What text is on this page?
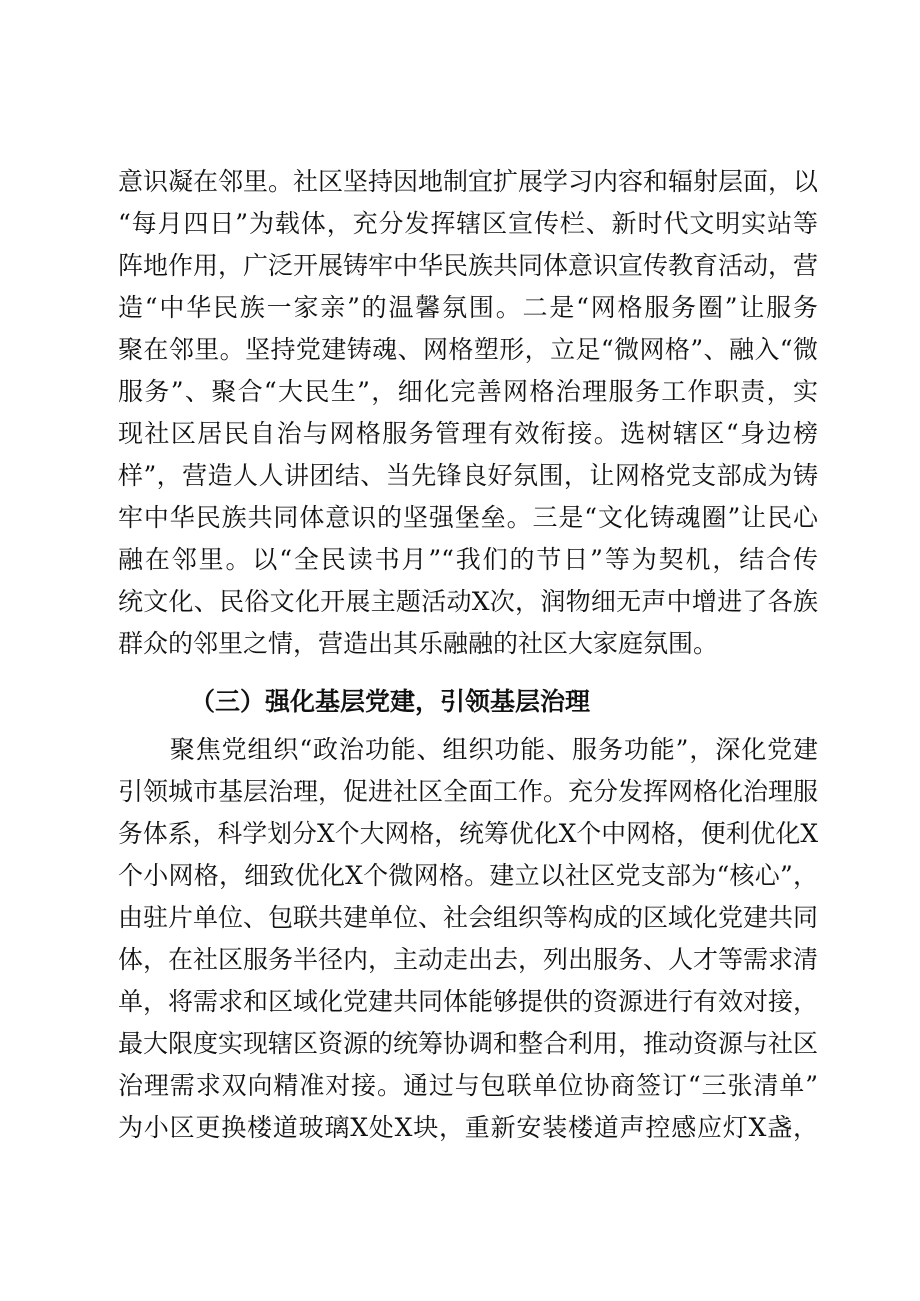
意识凝在邻里。社区坚持因地制宜扩展学习内容和辐射层面，以
“每月四日”为载体，充分发挥辖区宣传栏、新时代文明实站等
阵地作用，广泛开展铸牢中华民族共同体意识宣传教育活动，营
造“中华民族一家亲”的温馨氛围。二是“网格服务圈”让服务
聚在邻里。坚持党建铸魂、网格塑形，立足“微网格”、融入“微
服务”、聚合“大民生”，细化完善网格治理服务工作职责，实
现社区居民自治与网格服务管理有效衔接。选树辖区“身边榜
样”，营造人人讲团结、当先锋良好氛围，让网格党支部成为铸
牢中华民族共同体意识的坚强堡垒。三是“文化铸魂圈”让民心
融在邻里。以“全民读书月”“我们的节日”等为契机，结合传
统文化、民俗文化开展主题活动X次，润物细无声中增进了各族
群众的邻里之情，营造出其乐融融的社区大家庭氛围。
（三）强化基层党建，引领基层治理
　　聚焦党组织“政治功能、组织功能、服务功能”，深化党建
引领城市基层治理，促进社区全面工作。充分发挥网格化治理服
务体系，科学划分X个大网格，统筹优化X个中网格，便利优化X
个小网格，细致优化X个微网格。建立以社区党支部为“核心”，
由驻片单位、包联共建单位、社会组织等构成的区域化党建共同
体，在社区服务半径内，主动走出去，列出服务、人才等需求清
单，将需求和区域化党建共同体能够提供的资源进行有效对接，
最大限度实现辖区资源的统筹协调和整合利用，推动资源与社区
治理需求双向精准对接。通过与包联单位协商签订“三张清单”
为小区更换楼道玻璃X处X块，重新安装楼道声控感应灯X盏，
